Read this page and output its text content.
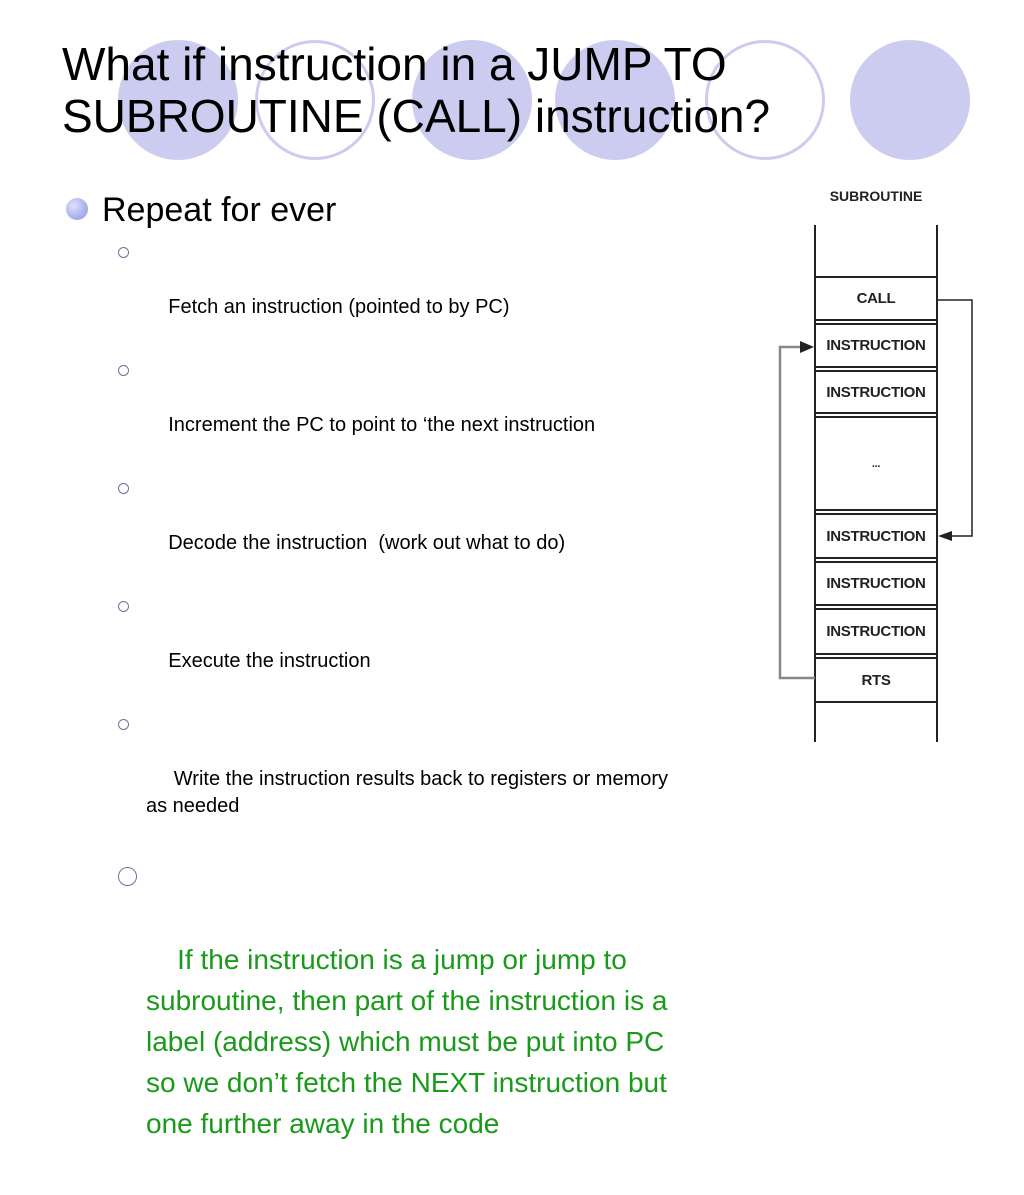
What if instruction in a JUMP TO
SUBROUTINE (CALL) instruction?
Repeat for ever

Fetch an instruction (pointed to by PC)

Increment the PC to point to ‘the next instruction

Decode the instruction  (work out what to do)

Execute the instruction

Write the instruction results back to registers or memory as needed

If the instruction is a jump or jump to subroutine, then part of the instruction is a label (address) which must be put into PC so we don’t fetch the NEXT instruction but one further away in the code

SUBROUTINE
CALL
INSTRUCTION
INSTRUCTION
...
INSTRUCTION
INSTRUCTION
INSTRUCTION
RTS
